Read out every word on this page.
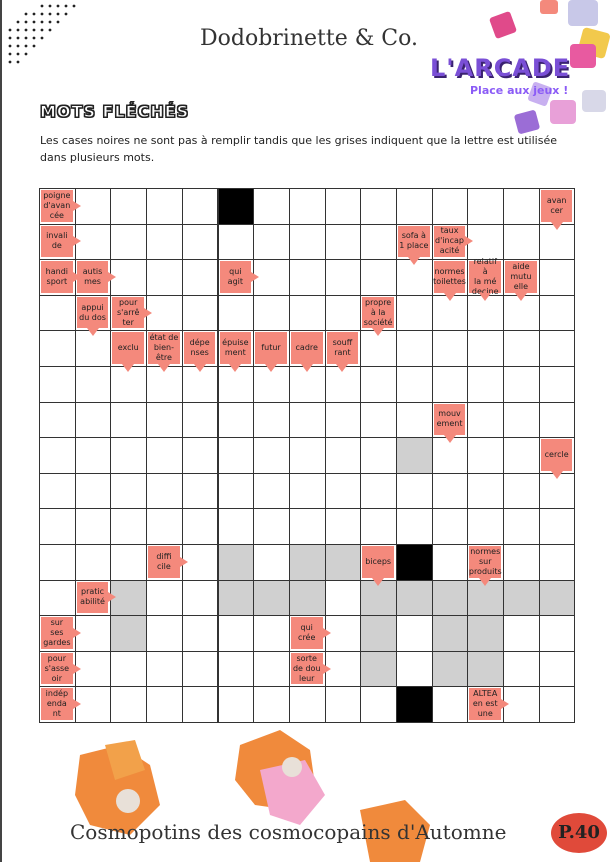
Dodobrinette & Co.
L'ARCADE
Place aux jeux !
MOTS FLÉCHÉS
Les cases noires ne sont pas à remplir tandis que les grises indiquent que la lettre est utilisée dans plusieurs mots.
poigne
d'avan
cée
avan
cer
invali
de
sofa à
1 place
taux
d'incap
acité
handi
sport
autis
mes
qui
agit
normes
toilettes
relatif à
la mé
decine
aide
mutu
elle
appui
du dos
pour
s'arrê
ter
propre
à la
société
exclu
état de
bien-
être
dépe
nses
épuise
ment
futur cadre
souff
rant
mouv
ement
cercle
diffi
cile
biceps
normes
sur
produits
pratic
abilité
sur
ses
gardes
qui
crée
pour
s'asse
oir
sorte
de dou
leur
indép
enda
nt
ALTEA
en est
une
Cosmopotins des cosmocopains d'Automne	P.40
